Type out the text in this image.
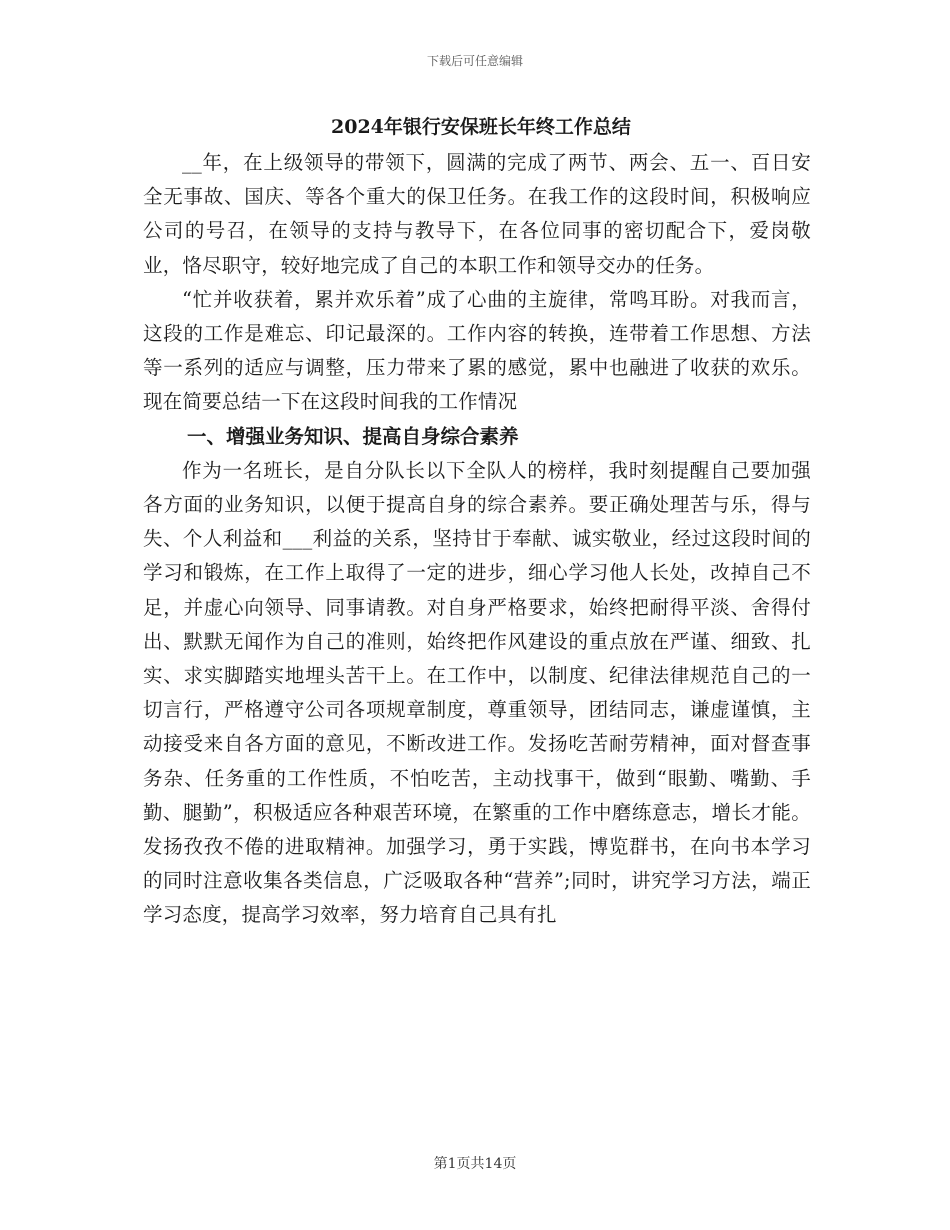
下载后可任意编辑
2024年银行安保班长年终工作总结

__年，在上级领导的带领下，圆满的完成了两节、两会、五一、百日安全无事故、国庆、等各个重大的保卫任务。在我工作的这段时间，积极响应公司的号召，在领导的支持与教导下，在各位同事的密切配合下，爱岗敬业，恪尽职守，较好地完成了自己的本职工作和领导交办的任务。

“忙并收获着，累并欢乐着”成了心曲的主旋律，常鸣耳盼。对我而言，这段的工作是难忘、印记最深的。工作内容的转换，连带着工作思想、方法等一系列的适应与调整，压力带来了累的感觉，累中也融进了收获的欢乐。现在简要总结一下在这段时间我的工作情况

一、增强业务知识、提高自身综合素养

作为一名班长，是自分队长以下全队人的榜样，我时刻提醒自己要加强各方面的业务知识，以便于提高自身的综合素养。要正确处理苦与乐，得与失、个人利益和___利益的关系，坚持甘于奉献、诚实敬业，经过这段时间的学习和锻炼，在工作上取得了一定的进步，细心学习他人长处，改掉自己不足，并虚心向领导、同事请教。对自身严格要求，始终把耐得平淡、舍得付出、默默无闻作为自己的准则，始终把作风建设的重点放在严谨、细致、扎实、求实脚踏实地埋头苦干上。在工作中，以制度、纪律法律规范自己的一切言行，严格遵守公司各项规章制度，尊重领导，团结同志，谦虚谨慎，主动接受来自各方面的意见，不断改进工作。发扬吃苦耐劳精神，面对督查事务杂、任务重的工作性质，不怕吃苦，主动找事干，做到“眼勤、嘴勤、手勤、腿勤”，积极适应各种艰苦环境，在繁重的工作中磨练意志，增长才能。发扬孜孜不倦的进取精神。加强学习，勇于实践，博览群书，在向书本学习的同时注意收集各类信息，广泛吸取各种“营养”;同时，讲究学习方法，端正学习态度，提高学习效率，努力培育自己具有扎

第1页共14页
